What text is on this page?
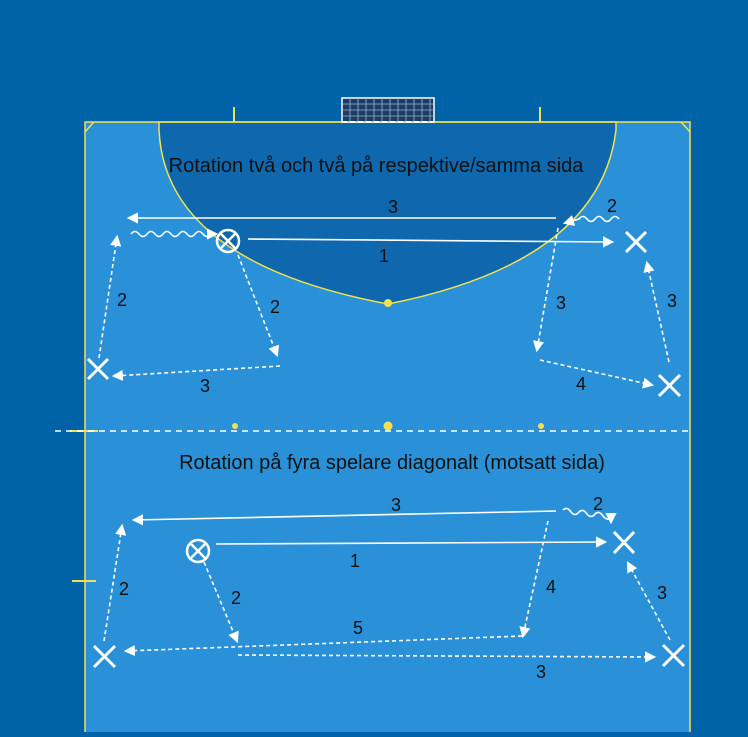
Rotation två och två på respektive/samma sida
3
1
2
2	2
3
3	3
4
Rotation på fyra spelare diagonalt (motsatt sida)
3	2
1
2	2
4	3
5
3
